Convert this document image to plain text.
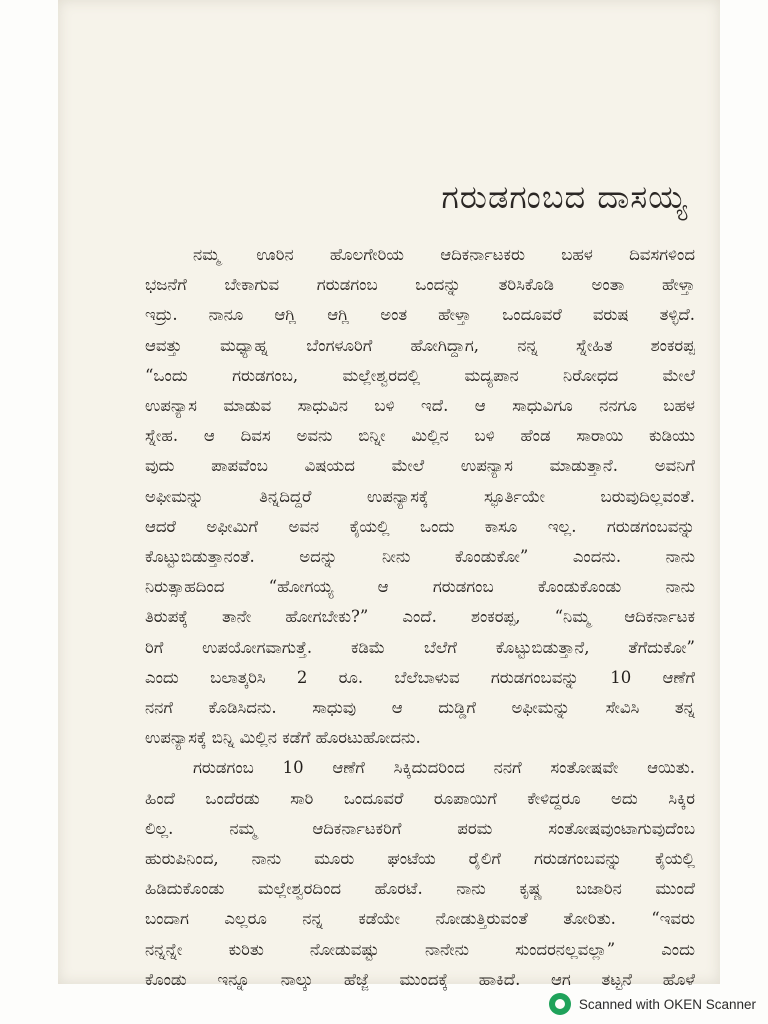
ಗರುಡಗಂಬದ ದಾಸಯ್ಯ
ನಮ್ಮ ಊರಿನ ಹೊಲಗೇರಿಯ ಆದಿಕರ್ನಾಟಕರು ಬಹಳ ದಿವಸಗಳಿಂದ
ಭಜನೆಗೆ ಬೇಕಾಗುವ ಗರುಡಗಂಬ ಒಂದನ್ನು ತರಿಸಿಕೊಡಿ ಅಂತಾ ಹೇಳ್ತಾ
ಇದ್ರು. ನಾನೂ ಆಗ್ಲಿ ಆಗ್ಲಿ ಅಂತ ಹೇಳ್ತಾ ಒಂದೂವರೆ ವರುಷ ತಳ್ಳಿದೆ.
ಆವತ್ತು ಮಧ್ಯಾಹ್ನ ಬೆಂಗಳೂರಿಗೆ ಹೋಗಿದ್ದಾಗ, ನನ್ನ ಸ್ನೇಹಿತ ಶಂಕರಪ್ಪ
“ಒಂದು ಗರುಡಗಂಬ, ಮಲ್ಲೇಶ್ವರದಲ್ಲಿ ಮದ್ಯಪಾನ ನಿರೋಧದ ಮೇಲೆ
ಉಪನ್ಯಾಸ ಮಾಡುವ ಸಾಧುವಿನ ಬಳಿ ಇದೆ. ಆ ಸಾಧುವಿಗೂ ನನಗೂ ಬಹಳ
ಸ್ನೇಹ. ಆ ದಿವಸ ಅವನು ಬಿನ್ನೀ ಮಿಲ್ಲಿನ ಬಳಿ ಹೆಂಡ ಸಾರಾಯಿ ಕುಡಿಯು
ವುದು ಪಾಪವೆಂಬ ವಿಷಯದ ಮೇಲೆ ಉಪನ್ಯಾಸ ಮಾಡುತ್ತಾನೆ. ಅವನಿಗೆ
ಅಫೀಮನ್ನು ತಿನ್ನದಿದ್ದರೆ ಉಪನ್ಯಾಸಕ್ಕೆ ಸ್ಫೂರ್ತಿಯೇ ಬರುವುದಿಲ್ಲವಂತೆ.
ಆದರೆ ಅಫೀಮಿಗೆ ಅವನ ಕೈಯಲ್ಲಿ ಒಂದು ಕಾಸೂ ಇಲ್ಲ. ಗರುಡಗಂಬವನ್ನು
ಕೊಟ್ಟುಬಿಡುತ್ತಾನಂತೆ. ಅದನ್ನು ನೀನು ಕೊಂಡುಕೋ” ಎಂದನು. ನಾನು
ನಿರುತ್ಸಾಹದಿಂದ “ಹೋಗಯ್ಯ ಆ ಗರುಡಗಂಬ ಕೊಂಡುಕೊಂಡು ನಾನು
ತಿರುಪಕ್ಕೆ ತಾನೇ ಹೋಗಬೇಕು?” ಎಂದೆ. ಶಂಕರಪ್ಪ, “ನಿಮ್ಮ ಆದಿಕರ್ನಾಟಕ
ರಿಗೆ ಉಪಯೋಗವಾಗುತ್ತೆ. ಕಡಿಮೆ ಬೆಲೆಗೆ ಕೊಟ್ಟುಬಿಡುತ್ತಾನೆ, ತೆಗೆದುಕೋ”
ಎಂದು ಬಲಾತ್ಕರಿಸಿ 2 ರೂ. ಬೆಲೆಬಾಳುವ ಗರುಡಗಂಬವನ್ನು 10 ಆಣೆಗೆ
ನನಗೆ ಕೊಡಿಸಿದನು. ಸಾಧುವು ಆ ದುಡ್ಡಿಗೆ ಅಫೀಮನ್ನು ಸೇವಿಸಿ ತನ್ನ
ಉಪನ್ಯಾಸಕ್ಕೆ ಬಿನ್ನಿ ಮಿಲ್ಲಿನ ಕಡೆಗೆ ಹೊರಟುಹೋದನು.
ಗರುಡಗಂಬ 10 ಆಣೆಗೆ ಸಿಕ್ಕಿದುದರಿಂದ ನನಗೆ ಸಂತೋಷವೇ ಆಯಿತು.
ಹಿಂದೆ ಒಂದೆರಡು ಸಾರಿ ಒಂದೂವರೆ ರೂಪಾಯಿಗೆ ಕೇಳಿದ್ದರೂ ಅದು ಸಿಕ್ಕಿರ
ಲಿಲ್ಲ. ನಮ್ಮ ಆದಿಕರ್ನಾಟಕರಿಗೆ ಪರಮ ಸಂತೋಷವುಂಟಾಗುವುದೆಂಬ
ಹುರುಪಿನಿಂದ, ನಾನು ಮೂರು ಘಂಟೆಯ ರೈಲಿಗೆ ಗರುಡಗಂಬವನ್ನು ಕೈಯಲ್ಲಿ
ಹಿಡಿದುಕೊಂಡು ಮಲ್ಲೇಶ್ವರದಿಂದ ಹೊರಟೆ. ನಾನು ಕೃಷ್ಣ ಬಜಾರಿನ ಮುಂದೆ
ಬಂದಾಗ ಎಲ್ಲರೂ ನನ್ನ ಕಡೆಯೇ ನೋಡುತ್ತಿರುವಂತೆ ತೋರಿತು. “ಇವರು
ನನ್ನನ್ನೇ ಕುರಿತು ನೋಡುವಷ್ಟು ನಾನೇನು ಸುಂದರನಲ್ಲವಲ್ಲಾ” ಎಂದು
ಕೊಂಡು ಇನ್ನೂ ನಾಲ್ಕು ಹೆಜ್ಜೆ ಮುಂದಕ್ಕೆ ಹಾಕಿದೆ. ಆಗ ತಟ್ಟನೆ ಹೊಳೆ
Scanned with OKEN Scanner
